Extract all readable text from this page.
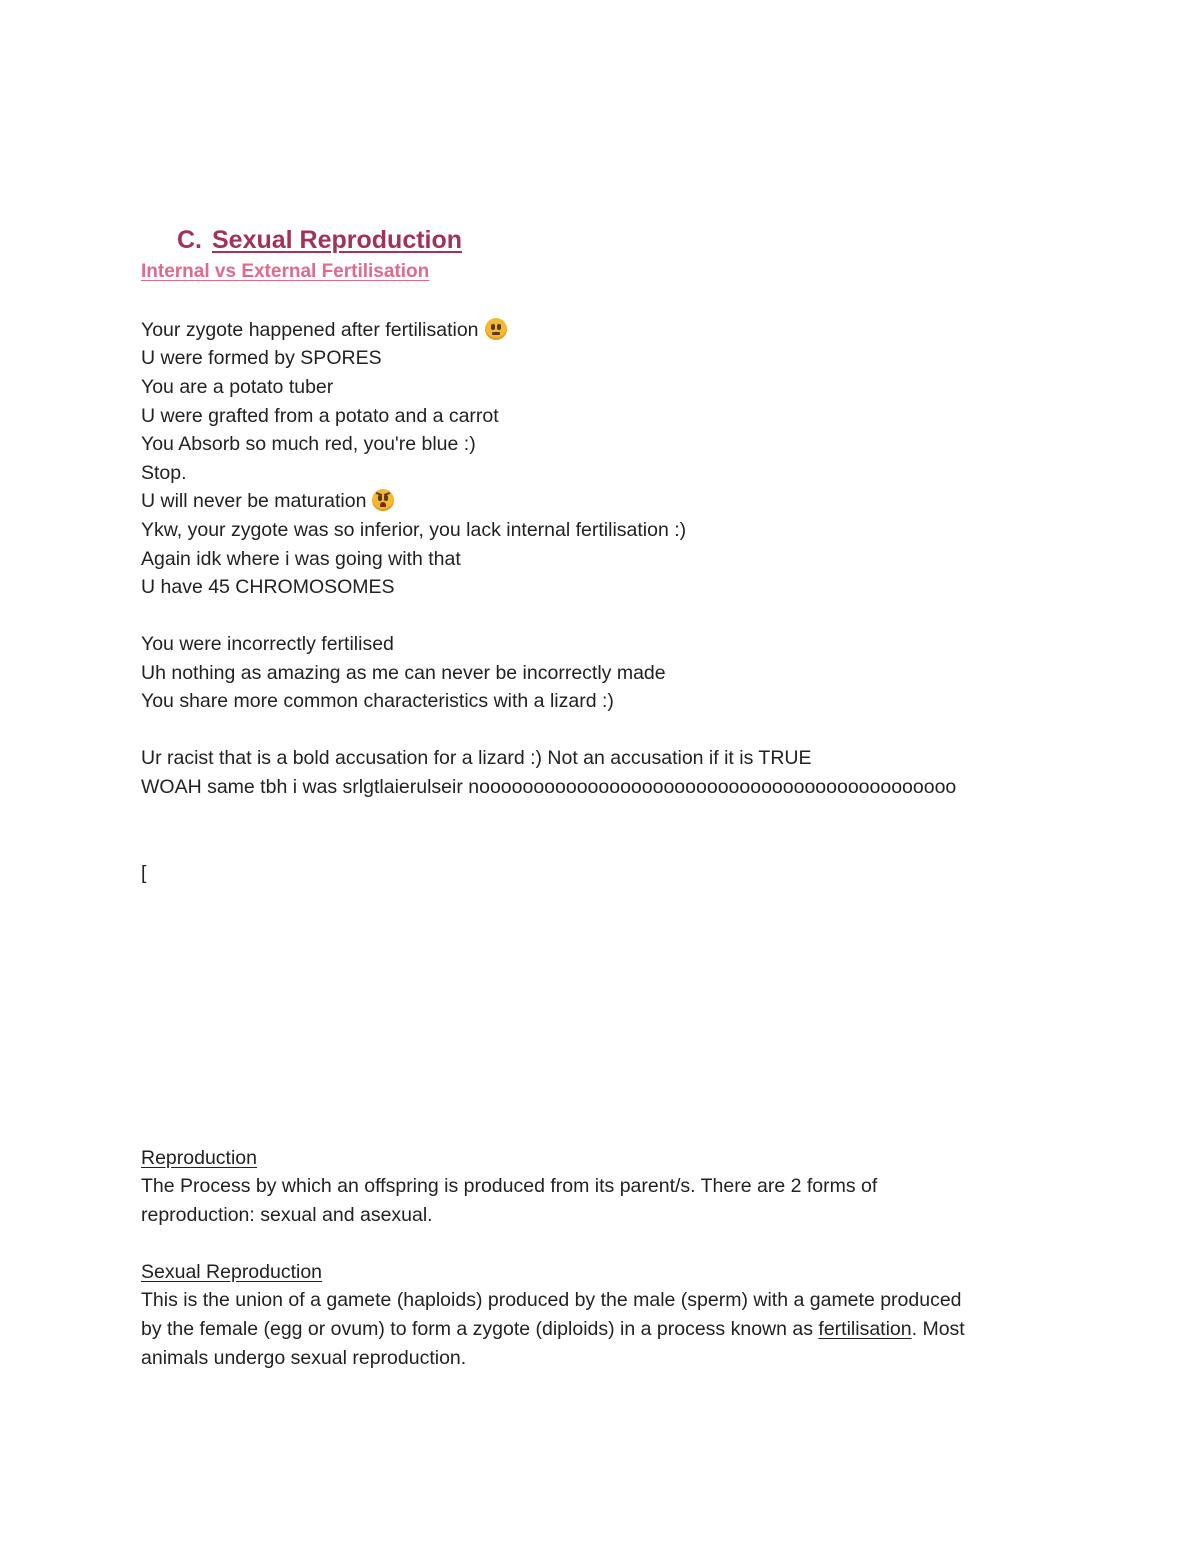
C. Sexual Reproduction
Internal vs External Fertilisation
Your zygote happened after fertilisation
U were formed by SPORES
You are a potato tuber
U were grafted from a potato and a carrot
You Absorb so much red, you're blue :)
Stop.
U will never be maturation
Ykw, your zygote was so inferior, you lack internal fertilisation :)
Again idk where i was going with that
U have 45 CHROMOSOMES
You were incorrectly fertilised
Uh nothing as amazing as me can never be incorrectly made
You share more common characteristics with a lizard :)
Ur racist that is a bold accusation for a lizard :) Not an accusation if it is TRUE
WOAH same tbh i was srlgtlaierulseir noooooooooooooooooooooooooooooooooooooooooooo
[
Reproduction
The Process by which an offspring is produced from its parent/s. There are 2 forms of
reproduction: sexual and asexual.
Sexual Reproduction
This is the union of a gamete (haploids) produced by the male (sperm) with a gamete produced
by the female (egg or ovum) to form a zygote (diploids) in a process known as fertilisation. Most
animals undergo sexual reproduction.
